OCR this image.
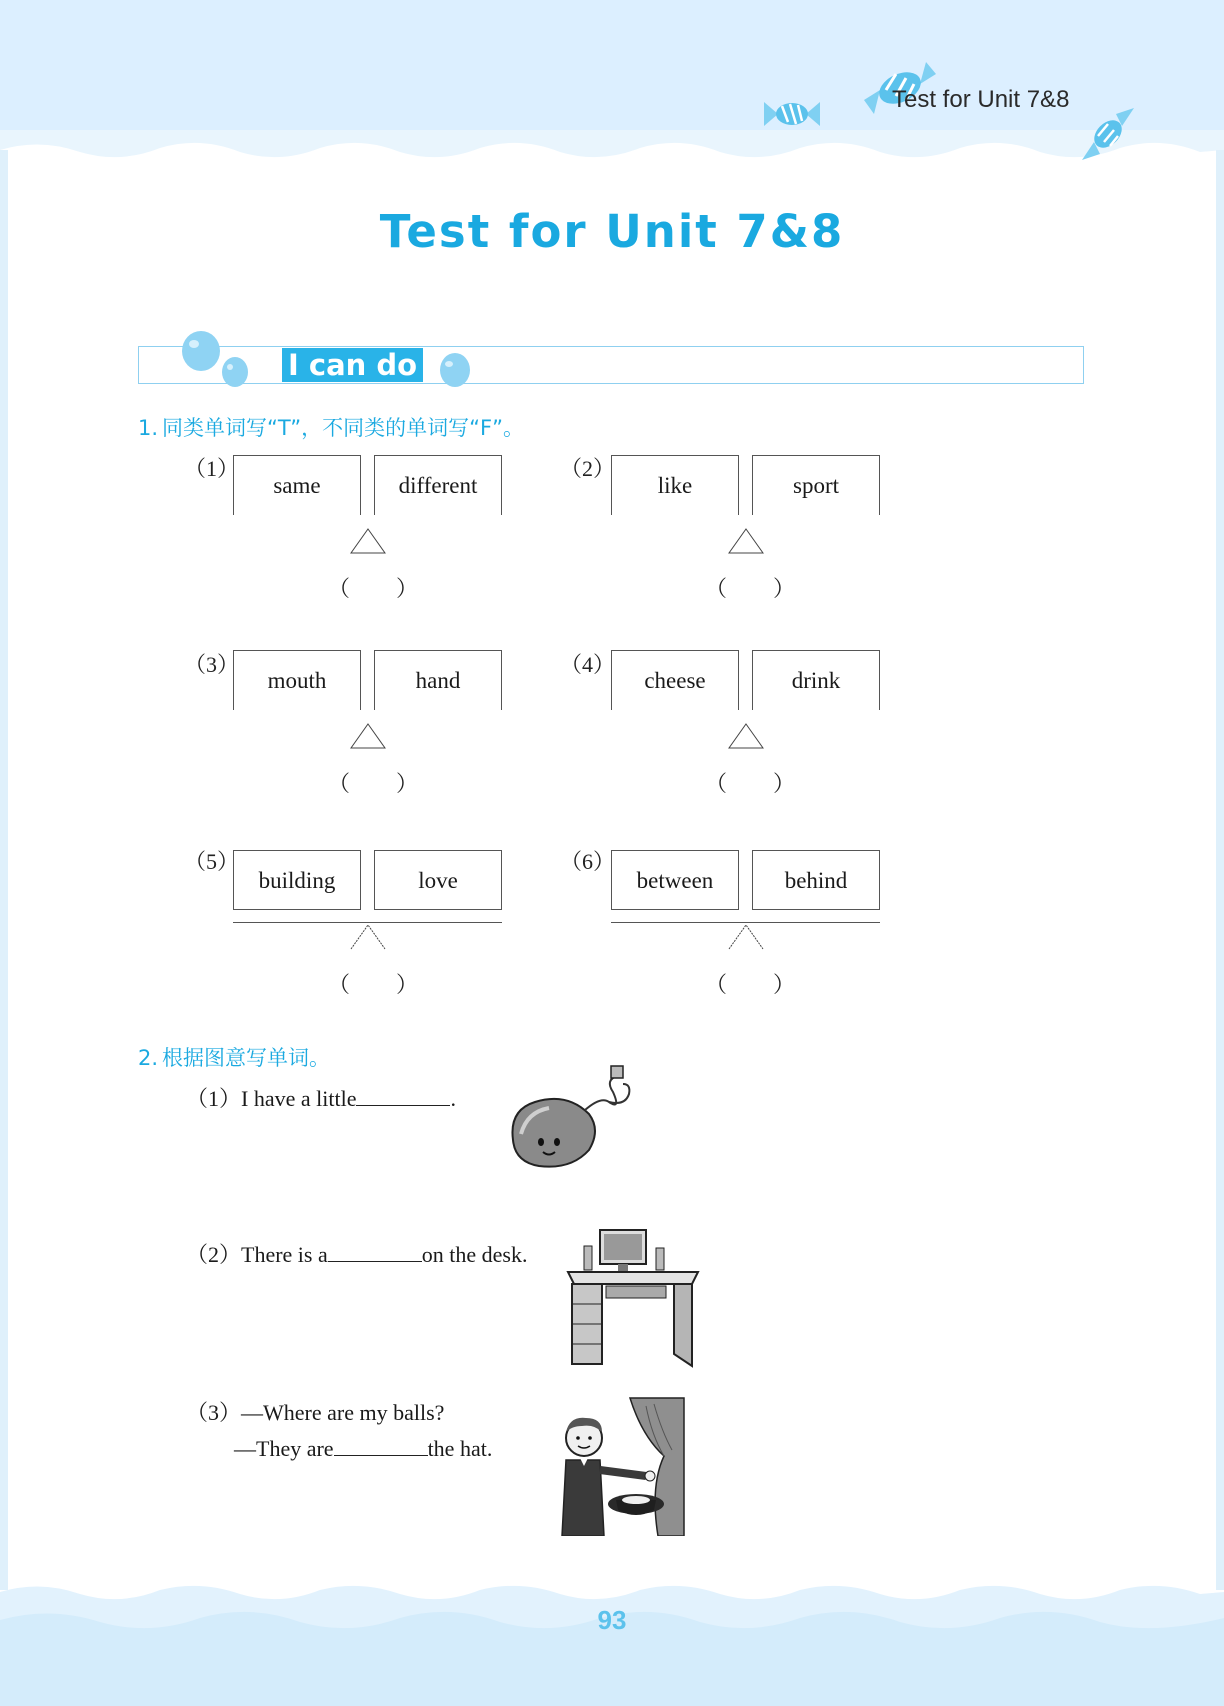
Test for Unit 7&8
Test for Unit 7&8
I can do
1. 同类单词写“T”，不同类的单词写“F”。
（1）
same	different
（ ）
（2）
like	sport
（ ）
（3）
mouth	hand
（ ）
（4）
cheese	drink
（ ）
（5）
building	love
（ ）
（6）
between	behind
（ ）
2. 根据图意写单词。
（1）I have a little	.
（2）There is a	on the desk.
（3）—Where are my balls?
—They are	the hat.
93
